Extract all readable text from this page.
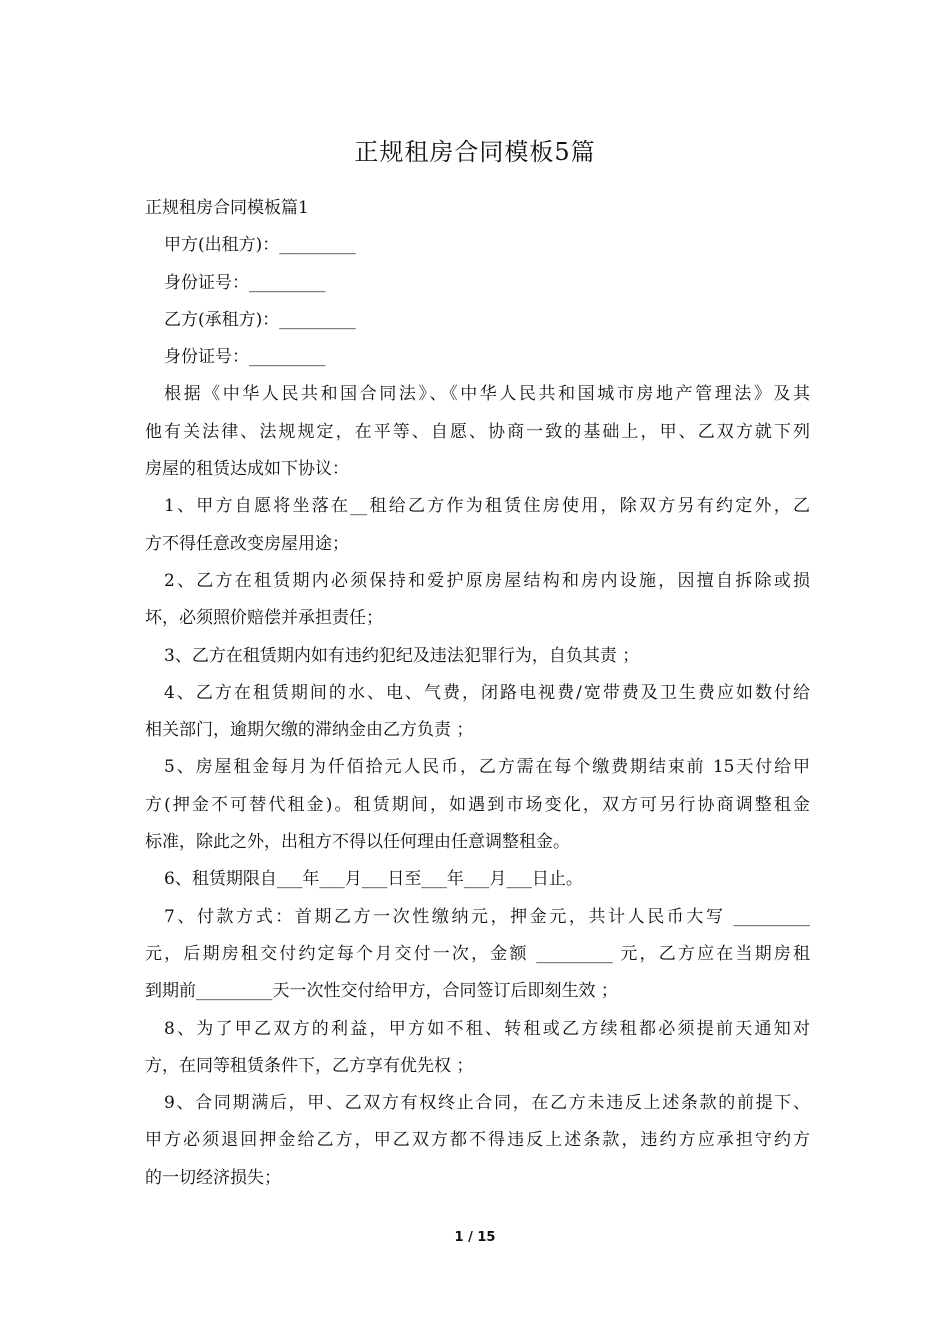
正规租房合同模板5篇

正规租房合同模板篇1

甲方(出租方)：_________

身份证号：_________

乙方(承租方)：_________

身份证号：_________

根据《中华人民共和国合同法》、《中华人民共和国城市房地产管理法》及其

他有关法律、法规规定，在平等、自愿、协商一致的基础上，甲、乙双方就下列

房屋的租赁达成如下协议：

1、甲方自愿将坐落在__租给乙方作为租赁住房使用，除双方另有约定外，乙

方不得任意改变房屋用途；

2、乙方在租赁期内必须保持和爱护原房屋结构和房内设施，因擅自拆除或损

坏，必须照价赔偿并承担责任；

3、乙方在租赁期内如有违约犯纪及违法犯罪行为，自负其责 ；

4、乙方在租赁期间的水、电、气费，闭路电视费/宽带费及卫生费应如数付给

相关部门，逾期欠缴的滞纳金由乙方负责 ；

5、房屋租金每月为仟佰拾元人民币，乙方需在每个缴费期结束前 15天付给甲

方(押金不可替代租金)。租赁期间，如遇到市场变化，双方可另行协商调整租金

标准，除此之外，出租方不得以任何理由任意调整租金。

6、租赁期限自___年___月___日至___年___月___日止。

7、付款方式：首期乙方一次性缴纳元，押金元，共计人民币大写 _________

元，后期房租交付约定每个月交付一次，金额 _________ 元，乙方应在当期房租

到期前_________天一次性交付给甲方，合同签订后即刻生效 ；

8、为了甲乙双方的利益，甲方如不租、转租或乙方续租都必须提前天通知对

方，在同等租赁条件下，乙方享有优先权 ；

9、合同期满后，甲、乙双方有权终止合同，在乙方未违反上述条款的前提下、

甲方必须退回押金给乙方，甲乙双方都不得违反上述条款，违约方应承担守约方

的一切经济损失；

1 / 15
